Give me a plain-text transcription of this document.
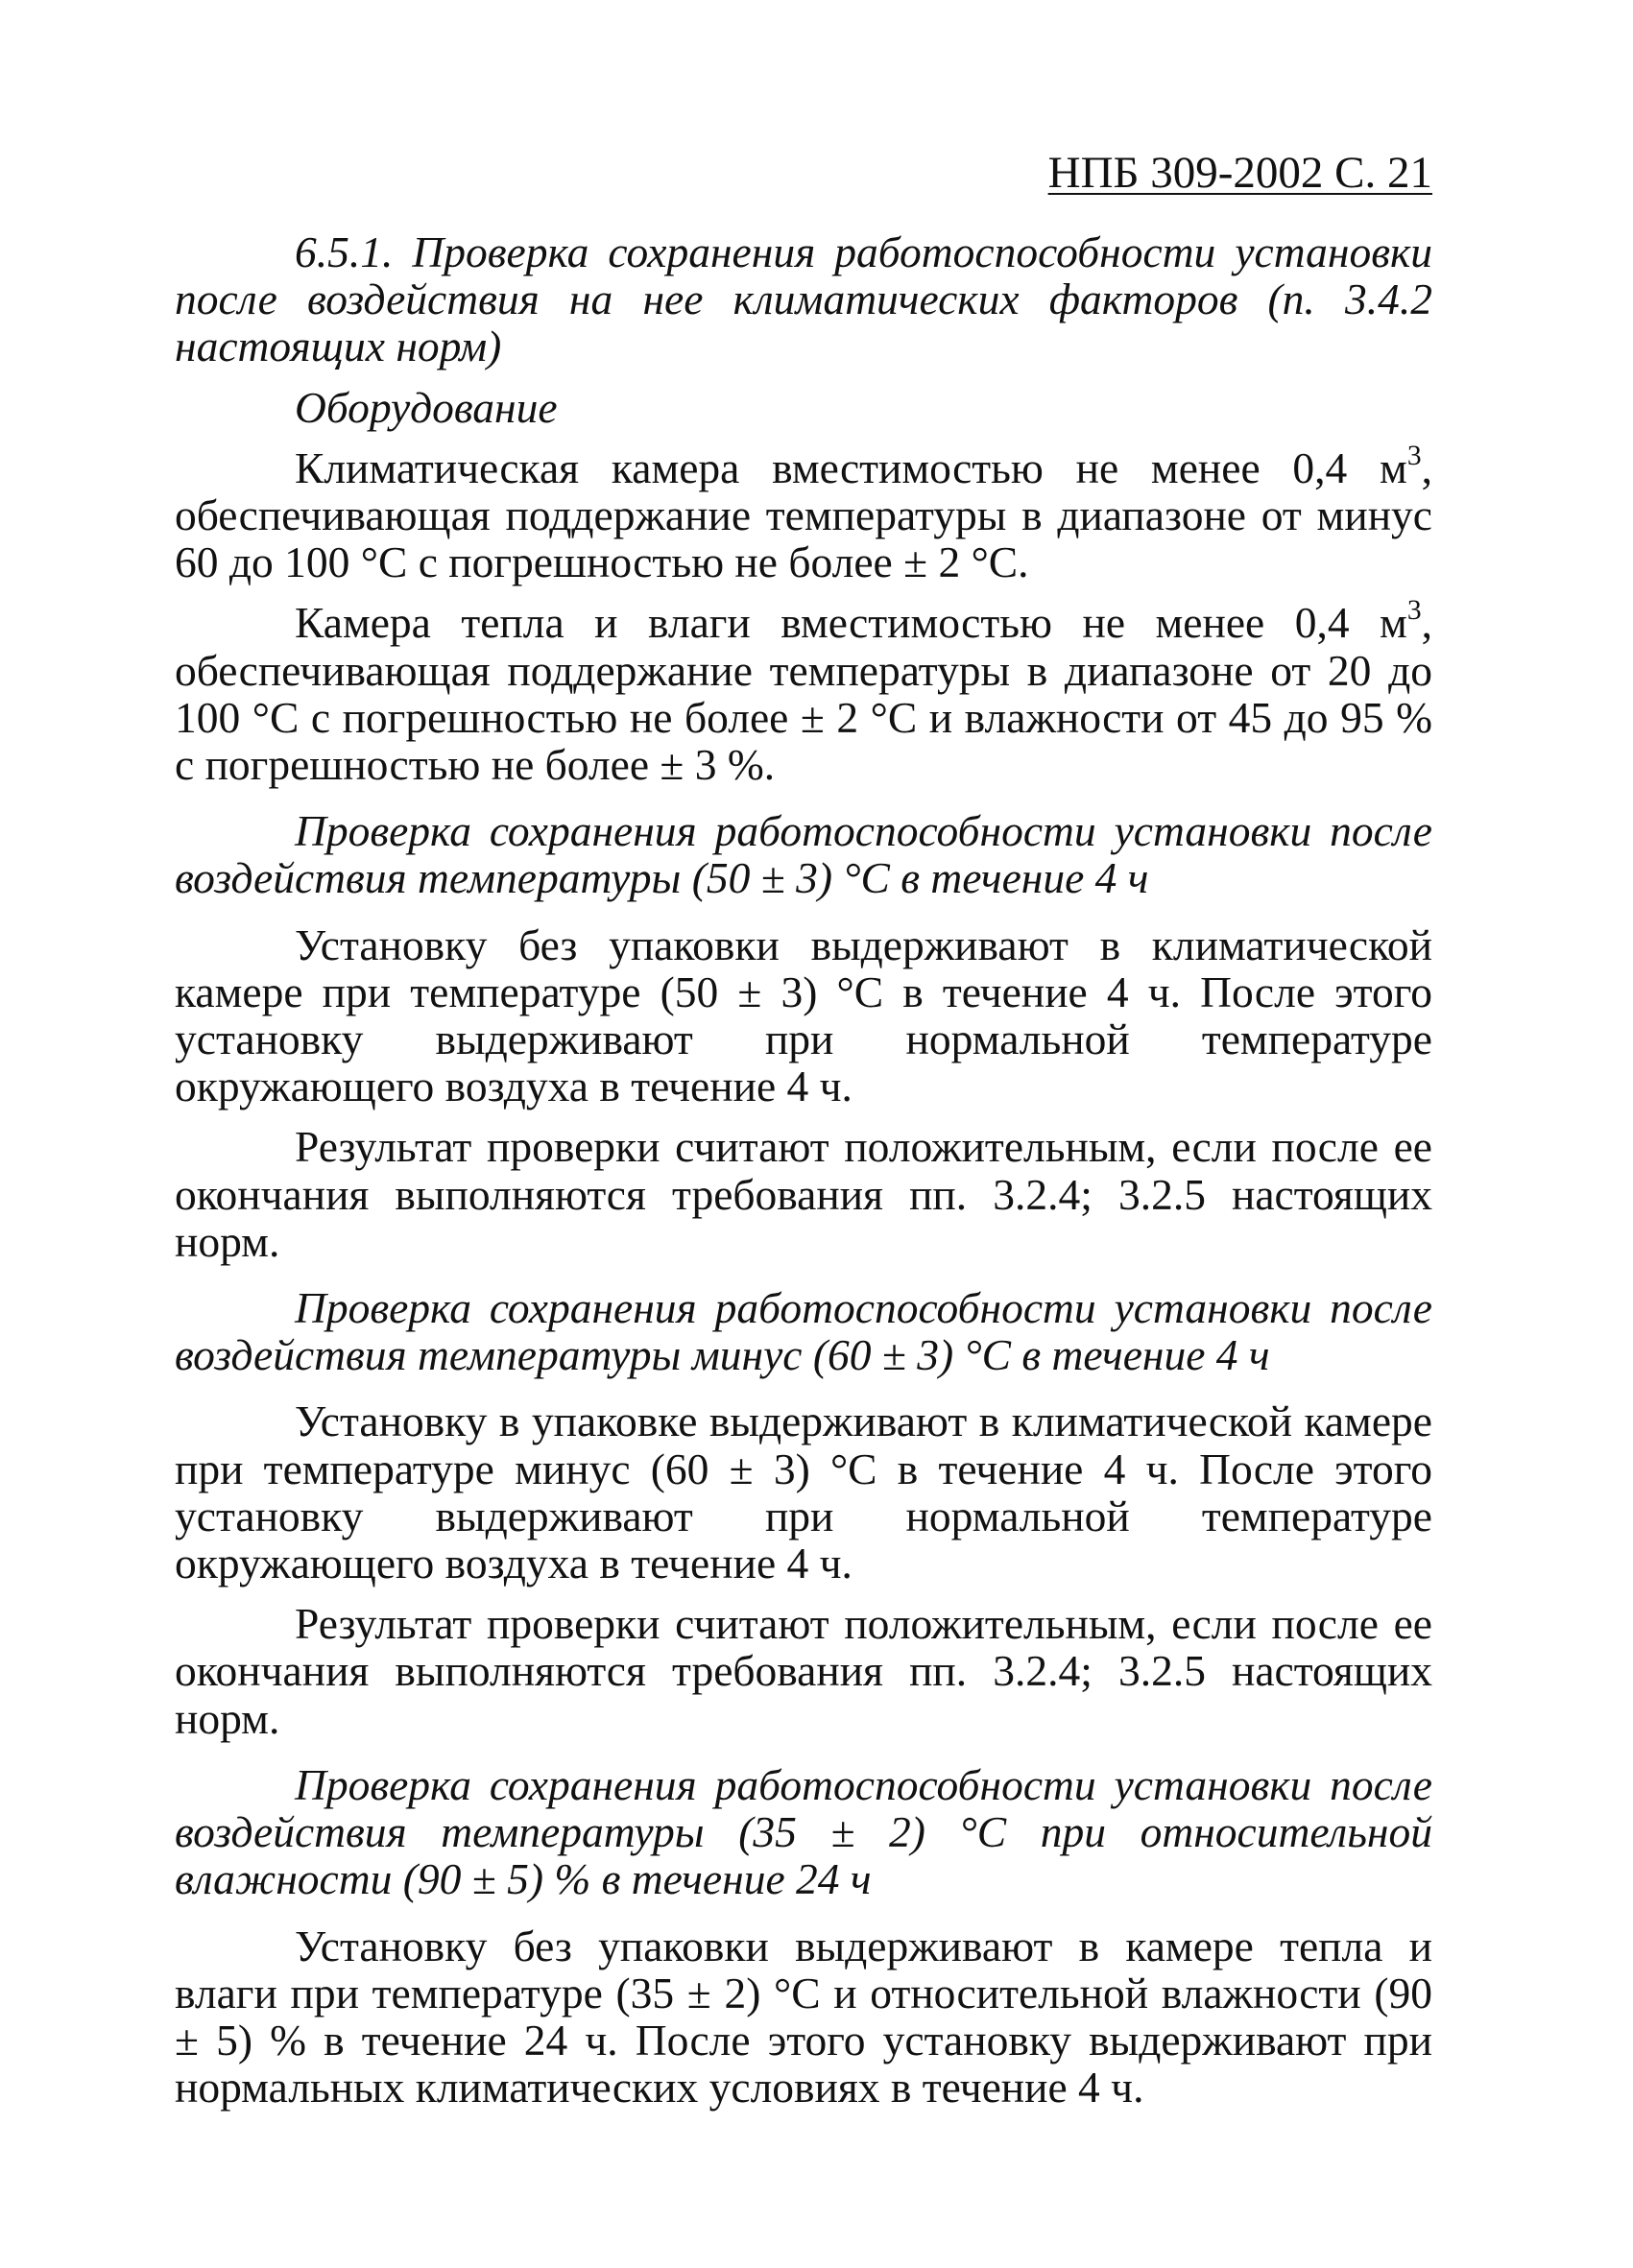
НПБ 309-2002 С. 21

6.5.1. Проверка сохранения работоспособности установки после воздействия на нее климатических факторов (п. 3.4.2 настоящих норм)

Оборудование

Климатическая камера вместимостью не менее 0,4 $м^3$, обеспечивающая поддержание температуры в диапазоне от минус 60 до 100 °С с погрешностью не более ± 2 °С.

Камера тепла и влаги вместимостью не менее 0,4 $м^3$, обеспечивающая поддержание температуры в диапазоне от 20 до 100 °С с погрешностью не более ± 2 °С и влажности от 45 до 95 % с погрешностью не более ± 3 %.

Проверка сохранения работоспособности установки после воздействия температуры (50 ± 3) °С в течение 4 ч

Установку без упаковки выдерживают в климатической камере при температуре (50 ± 3) °С в течение 4 ч. После этого установку выдерживают при нормальной температуре окружающего воздуха в течение 4 ч.

Результат проверки считают положительным, если после ее окончания выполняются требования пп. 3.2.4; 3.2.5 настоящих норм.

Проверка сохранения работоспособности установки после воздействия температуры минус (60 ± 3) °С в течение 4 ч

Установку в упаковке выдерживают в климатической камере при температуре минус (60 ± 3) °С в течение 4 ч. После этого установку выдерживают при нормальной температуре окружающего воздуха в течение 4 ч.

Результат проверки считают положительным, если после ее окончания выполняются требования пп. 3.2.4; 3.2.5 настоящих норм.

Проверка сохранения работоспособности установки после воздействия температуры (35 ± 2) °С при относительной влажности (90 ± 5) % в течение 24 ч

Установку без упаковки выдерживают в камере тепла и влаги при температуре (35 ± 2) °С и относительной влажности (90 ± 5) % в течение 24 ч. После этого установку выдерживают при нормальных климатических условиях в течение 4 ч.
